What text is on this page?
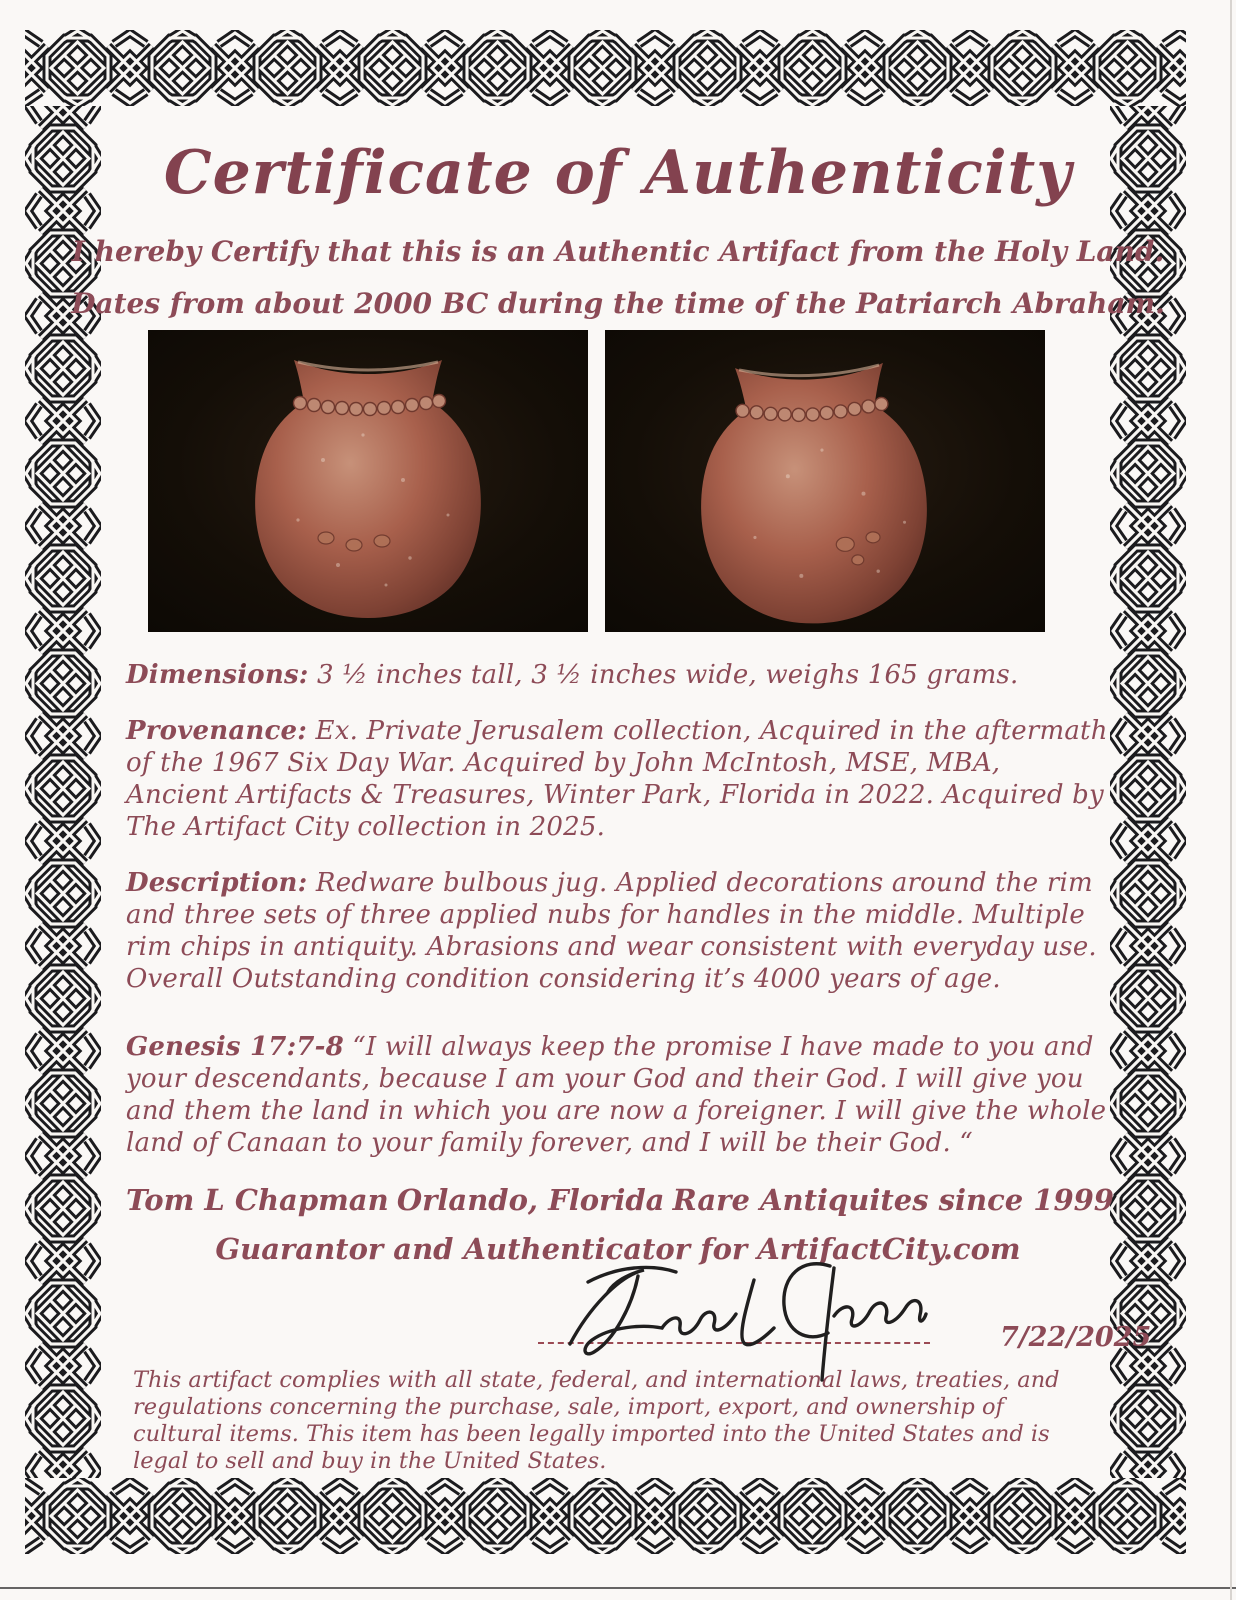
Certificate of Authenticity
I hereby Certify that this is an Authentic Artifact from the Holy Land.
Dates from about 2000 BC during the time of the Patriarch Abraham.

Dimensions: 3 ½ inches tall, 3 ½ inches wide, weighs 165 grams.

Provenance: Ex. Private Jerusalem collection, Acquired in the aftermath of the 1967 Six Day War. Acquired by John McIntosh, MSE, MBA, Ancient Artifacts & Treasures, Winter Park, Florida in 2022. Acquired by The Artifact City collection in 2025.

Description: Redware bulbous jug. Applied decorations around the rim and three sets of three applied nubs for handles in the middle. Multiple rim chips in antiquity. Abrasions and wear consistent with everyday use. Overall Outstanding condition considering it’s 4000 years of age.

Genesis 17:7-8 “I will always keep the promise I have made to you and your descendants, because I am your God and their God. I will give you and them the land in which you are now a foreigner. I will give the whole land of Canaan to your family forever, and I will be their God. “

Tom L Chapman Orlando, Florida Rare Antiquites since 1999
Guarantor and Authenticator for ArtifactCity.com
7/22/2025

This artifact complies with all state, federal, and international laws, treaties, and regulations concerning the purchase, sale, import, export, and ownership of cultural items. This item has been legally imported into the United States and is legal to sell and buy in the United States.
